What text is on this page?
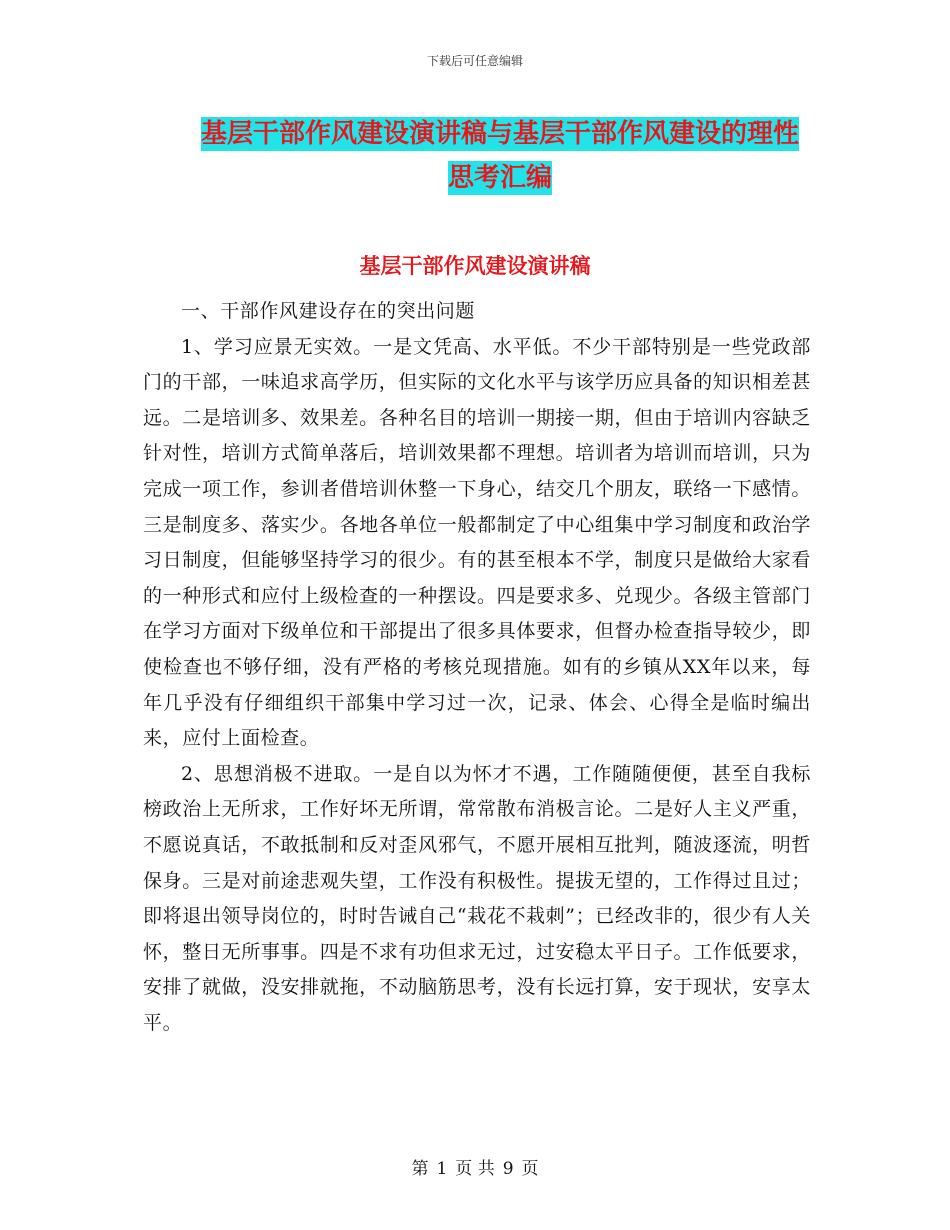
下载后可任意编辑
基层干部作风建设演讲稿与基层干部作风建设的理性
思考汇编
基层干部作风建设演讲稿

一、干部作风建设存在的突出问题

1、学习应景无实效。一是文凭高、水平低。不少干部特别是一些党政部门的干部，一味追求高学历，但实际的文化水平与该学历应具备的知识相差甚远。二是培训多、效果差。各种名目的培训一期接一期，但由于培训内容缺乏针对性，培训方式简单落后，培训效果都不理想。培训者为培训而培训，只为完成一项工作，参训者借培训休整一下身心，结交几个朋友，联络一下感情。三是制度多、落实少。各地各单位一般都制定了中心组集中学习制度和政治学习日制度，但能够坚持学习的很少。有的甚至根本不学，制度只是做给大家看的一种形式和应付上级检查的一种摆设。四是要求多、兑现少。各级主管部门在学习方面对下级单位和干部提出了很多具体要求，但督办检查指导较少，即使检查也不够仔细，没有严格的考核兑现措施。如有的乡镇从XX年以来，每年几乎没有仔细组织干部集中学习过一次，记录、体会、心得全是临时编出来，应付上面检查。

2、思想消极不进取。一是自以为怀才不遇，工作随随便便，甚至自我标榜政治上无所求，工作好坏无所谓，常常散布消极言论。二是好人主义严重，不愿说真话，不敢抵制和反对歪风邪气，不愿开展相互批判，随波逐流，明哲保身。三是对前途悲观失望，工作没有积极性。提拔无望的，工作得过且过；即将退出领导岗位的，时时告诫自己“栽花不栽刺”；已经改非的，很少有人关怀，整日无所事事。四是不求有功但求无过，过安稳太平日子。工作低要求，安排了就做，没安排就拖，不动脑筋思考，没有长远打算，安于现状，安享太平。

第 1 页 共 9 页
